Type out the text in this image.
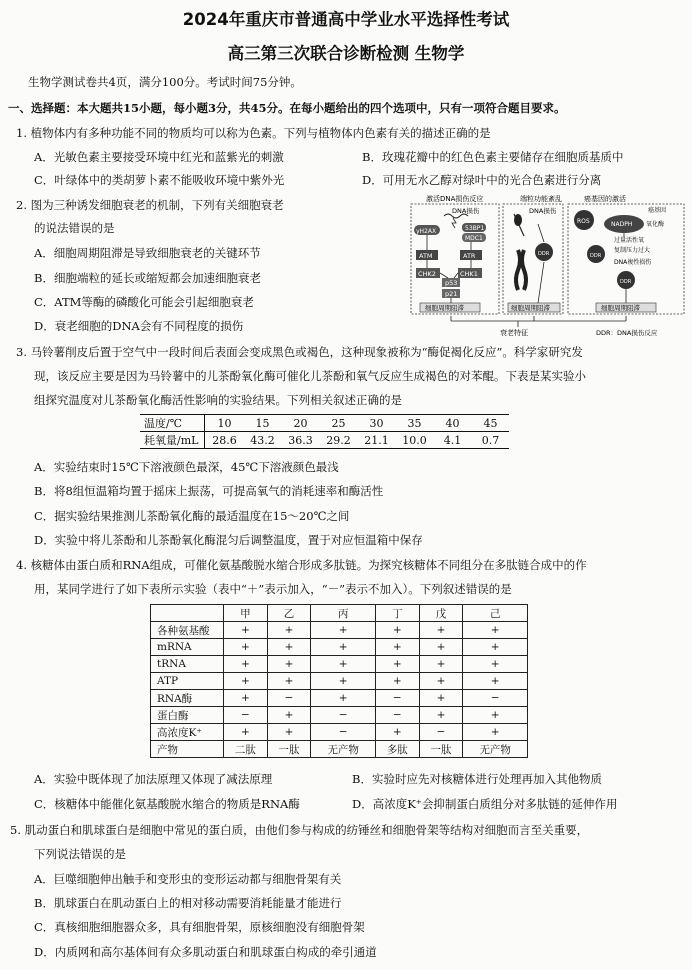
2024年重庆市普通高中学业水平选择性考试
高三第三次联合诊断检测 生物学
生物学测试卷共4页，满分100分。考试时间75分钟。
一、选择题：本大题共15小题，每小题3分，共45分。在每小题给出的四个选项中，只有一项符合题目要求。
1. 植物体内有多种功能不同的物质均可以称为色素。下列与植物体内色素有关的描述正确的是
A．光敏色素主要接受环境中红光和蓝紫光的刺激	B．玫瑰花瓣中的红色色素主要储存在细胞质基质中
C．叶绿体中的类胡萝卜素不能吸收环境中紫外光	D．可用无水乙醇对绿叶中的光合色素进行分离
2. 图为三种诱发细胞衰老的机制，下列有关细胞衰老
的说法错误的是
A．细胞周期阻滞是导致细胞衰老的关键环节
B．细胞端粒的延长或缩短都会加速细胞衰老
C．ATM等酶的磷酸化可能会引起细胞衰老
D．衰老细胞的DNA会有不同程度的损伤
激活DNA损伤反应	端粒功能紊乱	癌基因的激活
DNA损伤
γH2AX	53BP1
MDC1
ATM	ATR
CHK2	CHK1
p53
p21
细胞周期阻滞
DNA损伤
DDR
细胞周期阻滞
癌基因
ROS	NADPH 氧化酶
过量活性氧
复制压力过大
DDR
DNA複性损伤
DDR
细胞周期阻滞
衰老特征	DDR：DNA损伤反应
3. 马铃薯削皮后置于空气中一段时间后表面会变成黑色或褐色，这种现象被称为“酶促褐化反应”。科学家研究发
现，该反应主要是因为马铃薯中的儿茶酚氧化酶可催化儿茶酚和氧气反应生成褐色的对苯醌。下表是某实验小
组探究温度对儿茶酚氧化酶活性影响的实验结果。下列相关叙述正确的是
温度/℃	10	15	20	25	30	35	40	45
耗氧量/mL	28.6	43.2	36.3	29.2	21.1	10.0	4.1	0.7
A．实验结束时15℃下溶液颜色最深，45℃下溶液颜色最浅
B．将8组恒温箱均置于摇床上振荡，可提高氧气的消耗速率和酶活性
C．据实验结果推测儿茶酚氧化酶的最适温度在15～20℃之间
D．实验中将儿茶酚和儿茶酚氧化酶混匀后调整温度，置于对应恒温箱中保存
4. 核糖体由蛋白质和RNA组成，可催化氨基酸脱水缩合形成多肽链。为探究核糖体不同组分在多肽链合成中的作
用，某同学进行了如下表所示实验（表中“＋”表示加入，“－”表示不加入）。下列叙述错误的是
	甲	乙	丙	丁	戊	己
各种氨基酸	+	+	+	+	+	+
mRNA	+	+	+	+	+	+
tRNA	+	+	+	+	+	+
ATP	+	+	+	+	+	+
RNA酶	+	−	+	−	+	−
蛋白酶	−	+	−	−	+	+
高浓度K⁺	+	+	−	+	−	+
产物	二肽	一肽	无产物	多肽	一肽	无产物
A．实验中既体现了加法原理又体现了减法原理	B．实验时应先对核糖体进行处理再加入其他物质
C．核糖体中能催化氨基酸脱水缩合的物质是RNA酶	D．高浓度K⁺会抑制蛋白质组分对多肽链的延伸作用
5. 肌动蛋白和肌球蛋白是细胞中常见的蛋白质，由他们参与构成的纺锤丝和细胞骨架等结构对细胞而言至关重要，
下列说法错误的是
A．巨噬细胞伸出触手和变形虫的变形运动都与细胞骨架有关
B．肌球蛋白在肌动蛋白上的相对移动需要消耗能量才能进行
C．真核细胞细胞器众多，具有细胞骨架，原核细胞没有细胞骨架
D．内质网和高尔基体间有众多肌动蛋白和肌球蛋白构成的牵引通道
